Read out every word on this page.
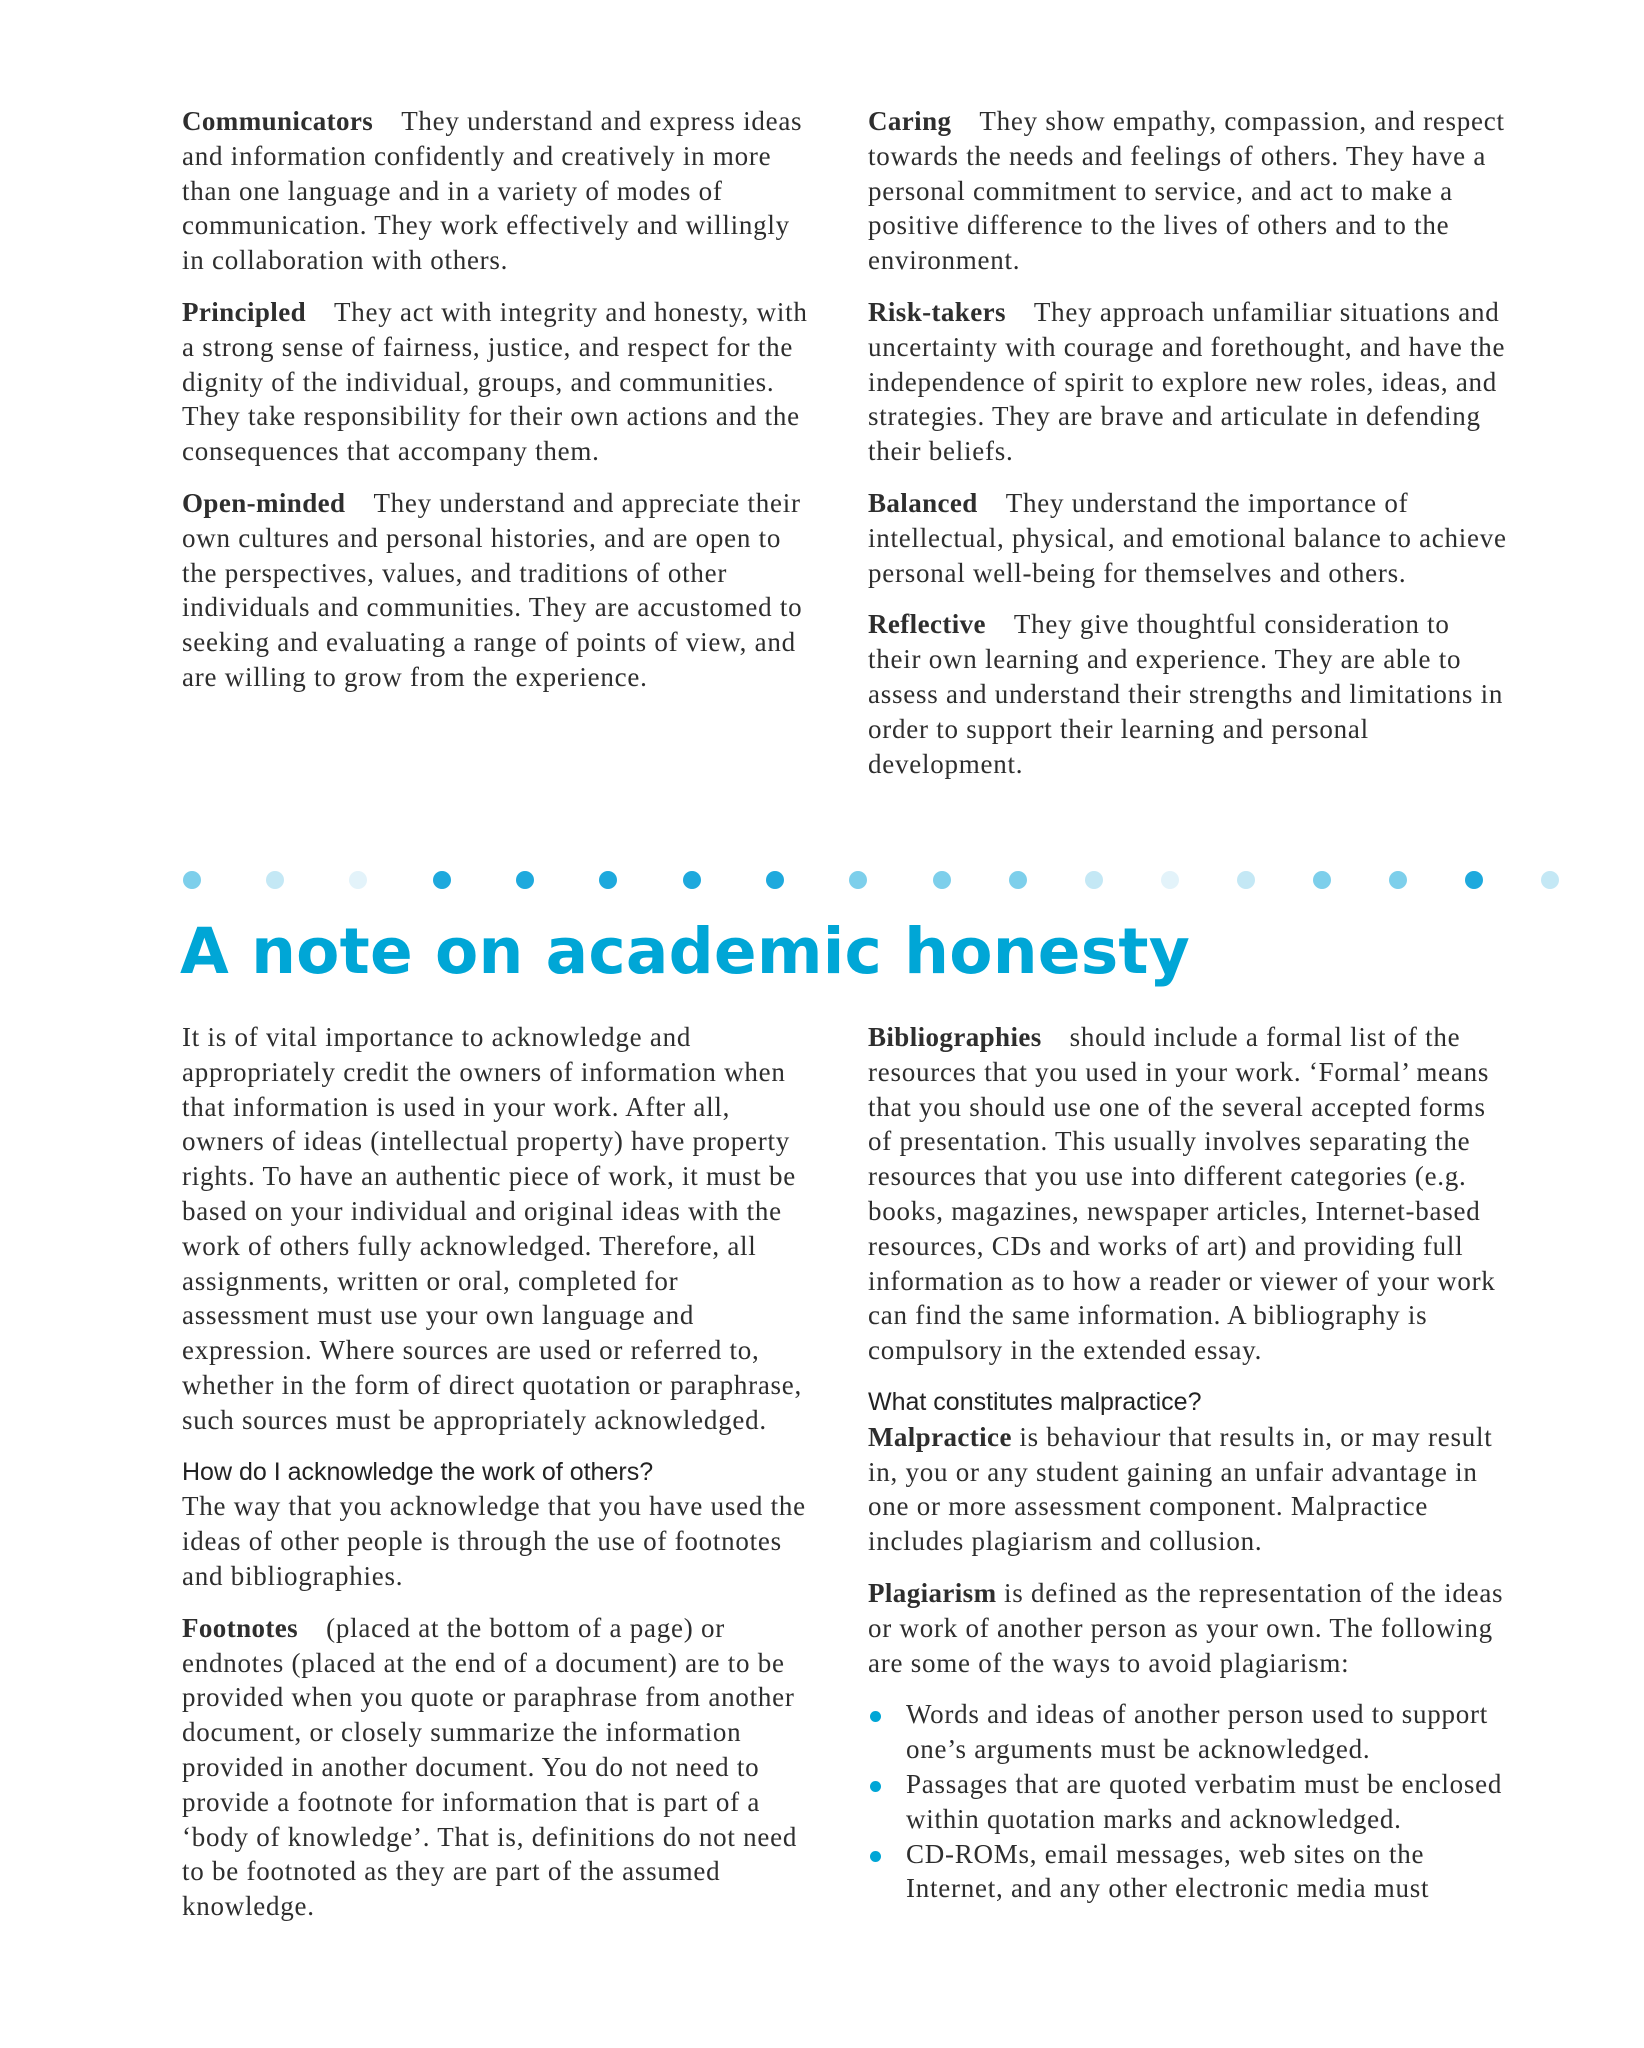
Communicators They understand and express ideas and information confidently and creatively in more than one language and in a variety of modes of communication. They work effectively and willingly in collaboration with others.

Principled They act with integrity and honesty, with a strong sense of fairness, justice, and respect for the dignity of the individual, groups, and communities. They take responsibility for their own actions and the consequences that accompany them.

Open-minded They understand and appreciate their own cultures and personal histories, and are open to the perspectives, values, and traditions of other individuals and communities. They are accustomed to seeking and evaluating a range of points of view, and are willing to grow from the experience.

Caring They show empathy, compassion, and respect towards the needs and feelings of others. They have a personal commitment to service, and act to make a positive difference to the lives of others and to the environment.

Risk-takers They approach unfamiliar situations and uncertainty with courage and forethought, and have the independence of spirit to explore new roles, ideas, and strategies. They are brave and articulate in defending their beliefs.

Balanced They understand the importance of intellectual, physical, and emotional balance to achieve personal well-being for themselves and others.

Reflective They give thoughtful consideration to their own learning and experience. They are able to assess and understand their strengths and limitations in order to support their learning and personal development.

A note on academic honesty

It is of vital importance to acknowledge and appropriately credit the owners of information when that information is used in your work. After all, owners of ideas (intellectual property) have property rights. To have an authentic piece of work, it must be based on your individual and original ideas with the work of others fully acknowledged. Therefore, all assignments, written or oral, completed for assessment must use your own language and expression. Where sources are used or referred to, whether in the form of direct quotation or paraphrase, such sources must be appropriately acknowledged.

How do I acknowledge the work of others?

The way that you acknowledge that you have used the ideas of other people is through the use of footnotes and bibliographies.

Footnotes (placed at the bottom of a page) or endnotes (placed at the end of a document) are to be provided when you quote or paraphrase from another document, or closely summarize the information provided in another document. You do not need to provide a footnote for information that is part of a ‘body of knowledge’. That is, definitions do not need to be footnoted as they are part of the assumed knowledge.

Bibliographies should include a formal list of the resources that you used in your work. ‘Formal’ means that you should use one of the several accepted forms of presentation. This usually involves separating the resources that you use into different categories (e.g. books, magazines, newspaper articles, Internet-based resources, CDs and works of art) and providing full information as to how a reader or viewer of your work can find the same information. A bibliography is compulsory in the extended essay.

What constitutes malpractice?

Malpractice is behaviour that results in, or may result in, you or any student gaining an unfair advantage in one or more assessment component. Malpractice includes plagiarism and collusion.

Plagiarism is defined as the representation of the ideas or work of another person as your own. The following are some of the ways to avoid plagiarism:

Words and ideas of another person used to support one’s arguments must be acknowledged.
Passages that are quoted verbatim must be enclosed within quotation marks and acknowledged.
CD-ROMs, email messages, web sites on the Internet, and any other electronic media must
